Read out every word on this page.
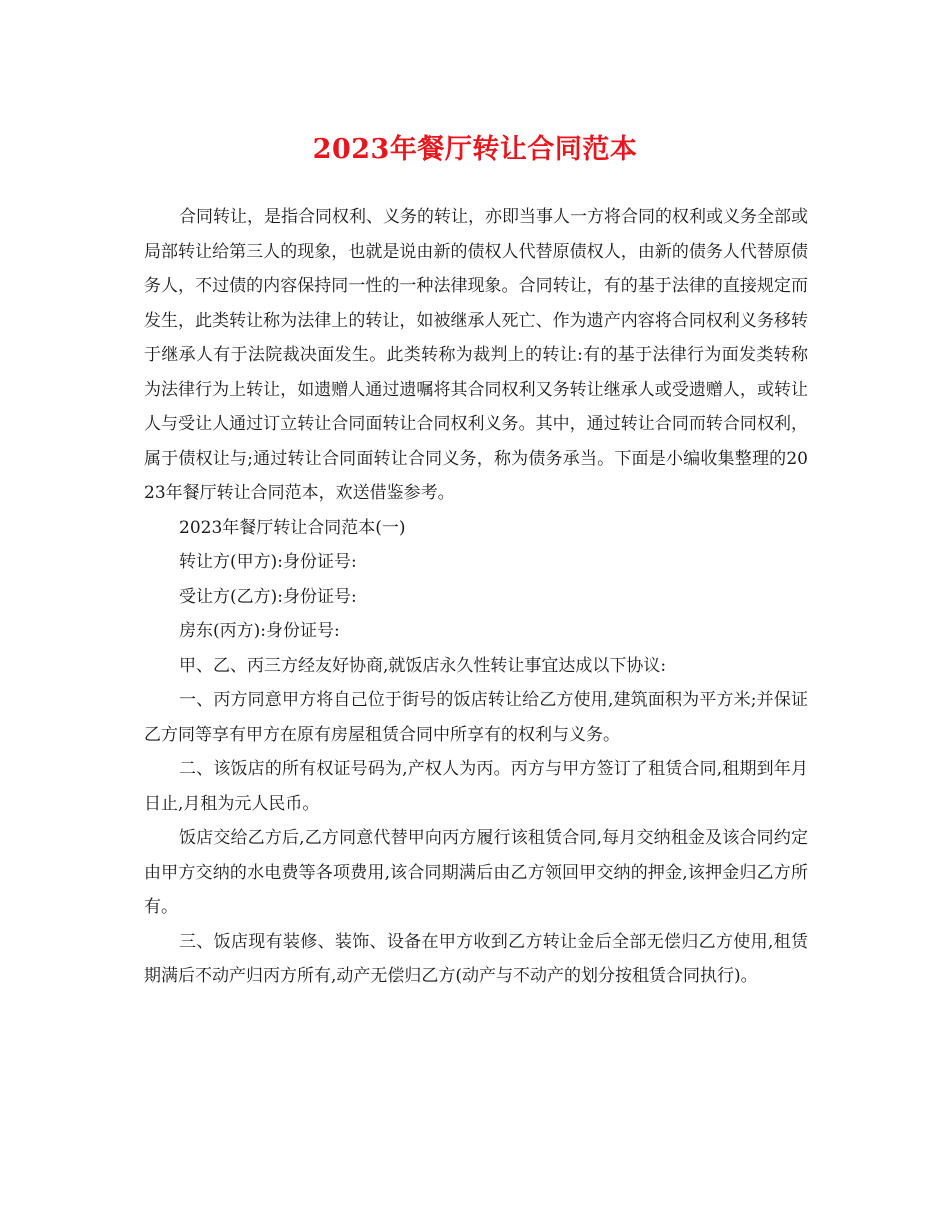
2023年餐厅转让合同范本

合同转让，是指合同权利、义务的转让，亦即当事人一方将合同的权利或义务全部或局部转让给第三人的现象，也就是说由新的债权人代替原债权人，由新的债务人代替原债务人，不过债的内容保持同一性的一种法律现象。合同转让，有的基于法律的直接规定而发生，此类转让称为法律上的转让，如被继承人死亡、作为遗产内容将合同权利义务移转于继承人有于法院裁决面发生。此类转称为裁判上的转让:有的基于法律行为面发类转称为法律行为上转让，如遗赠人通过遗嘱将其合同权利又务转让继承人或受遗赠人，或转让人与受让人通过订立转让合同面转让合同权利义务。其中，通过转让合同而转合同权利，属于债权让与;通过转让合同面转让合同义务，称为债务承当。下面是小编收集整理的2023年餐厅转让合同范本，欢送借鉴参考。

2023年餐厅转让合同范本(一)

转让方(甲方):身份证号:

受让方(乙方):身份证号:

房东(丙方):身份证号:

甲、乙、丙三方经友好协商,就饭店永久性转让事宜达成以下协议:

一、丙方同意甲方将自己位于街号的饭店转让给乙方使用,建筑面积为平方米;并保证乙方同等享有甲方在原有房屋租赁合同中所享有的权利与义务。

二、该饭店的所有权证号码为,产权人为丙。丙方与甲方签订了租赁合同,租期到年月日止,月租为元人民币。

饭店交给乙方后,乙方同意代替甲向丙方履行该租赁合同,每月交纳租金及该合同约定由甲方交纳的水电费等各项费用,该合同期满后由乙方领回甲交纳的押金,该押金归乙方所有。

三、饭店现有装修、装饰、设备在甲方收到乙方转让金后全部无偿归乙方使用,租赁期满后不动产归丙方所有,动产无偿归乙方(动产与不动产的划分按租赁合同执行)。
